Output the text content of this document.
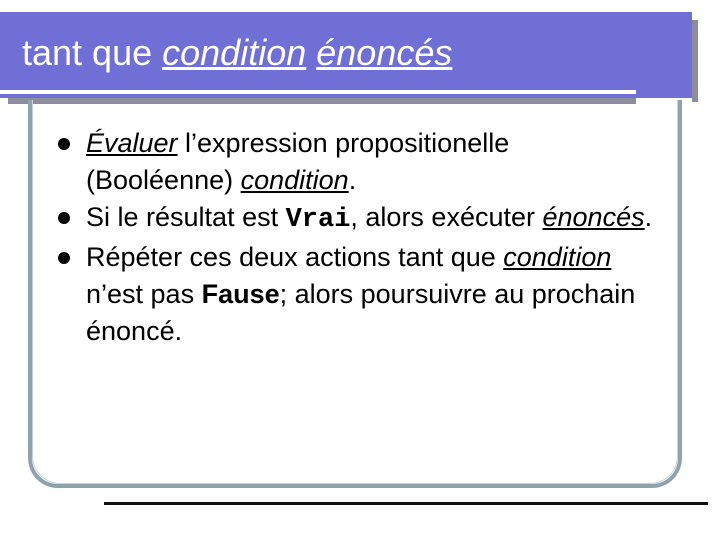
tant que condition énoncés

Évaluer l’expression propositionelle (Booléenne) condition.

Si le résultat est Vrai, alors exécuter énoncés.

Répéter ces deux actions tant que condition n’est pas Fause; alors poursuivre au prochain énoncé.
